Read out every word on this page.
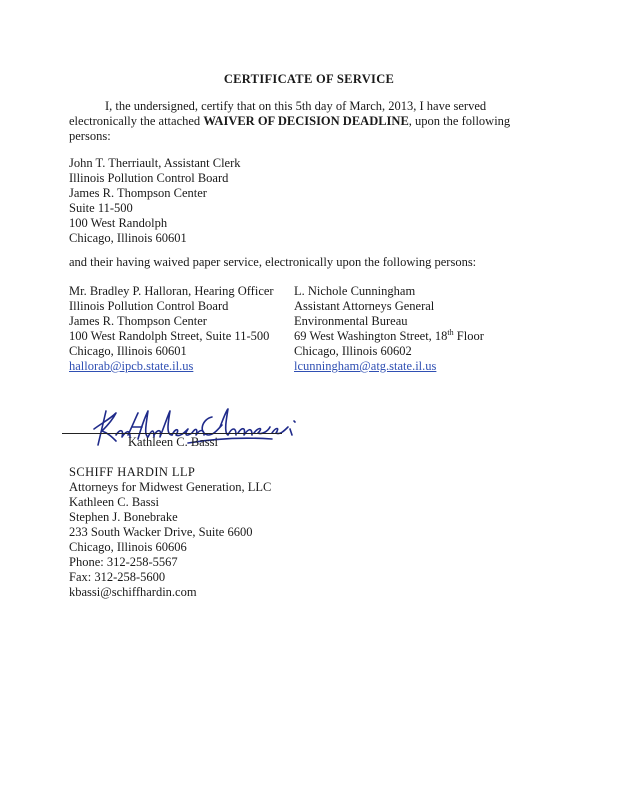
CERTIFICATE OF SERVICE
I, the undersigned, certify that on this 5th day of March, 2013, I have served
electronically the attached WAIVER OF DECISION DEADLINE, upon the following
persons:
John T. Therriault, Assistant Clerk
Illinois Pollution Control Board
James R. Thompson Center
Suite 11-500
100 West Randolph
Chicago, Illinois 60601
and their having waived paper service, electronically upon the following persons:
Mr. Bradley P. Halloran, Hearing Officer
Illinois Pollution Control Board
James R. Thompson Center
100 West Randolph Street, Suite 11-500
Chicago, Illinois 60601
hallorab@ipcb.state.il.us
L. Nichole Cunningham
Assistant Attorneys General
Environmental Bureau
69 West Washington Street, 18th Floor
Chicago, Illinois 60602
lcunningham@atg.state.il.us
Kathleen C. Bassi
SCHIFF HARDIN LLP
Attorneys for Midwest Generation, LLC
Kathleen C. Bassi
Stephen J. Bonebrake
233 South Wacker Drive, Suite 6600
Chicago, Illinois 60606
Phone: 312-258-5567
Fax: 312-258-5600
kbassi@schiffhardin.com
